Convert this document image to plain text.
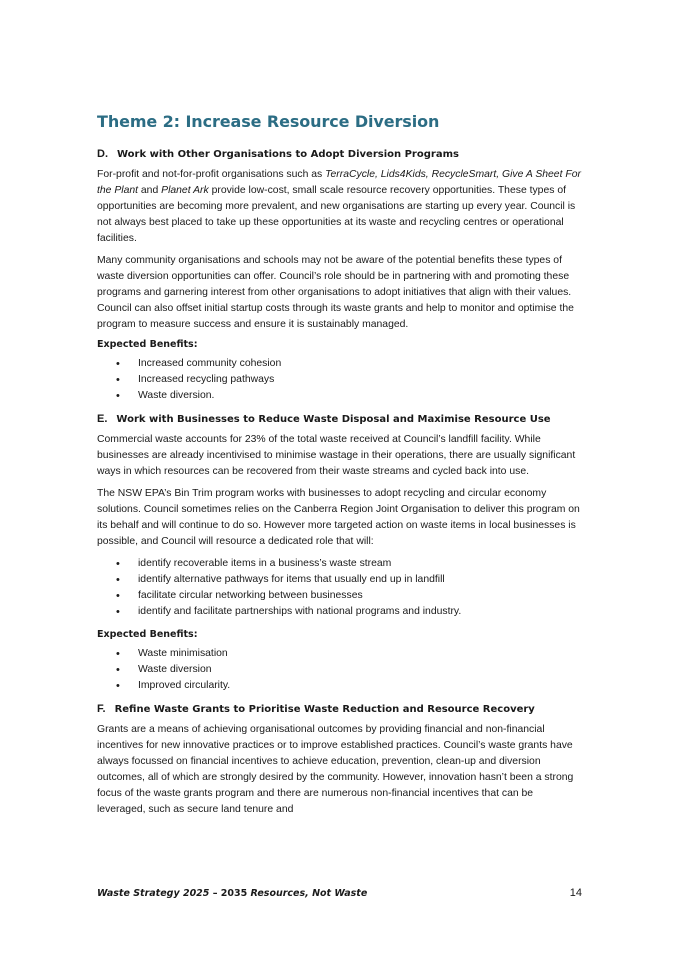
Theme 2: Increase Resource Diversion
D. Work with Other Organisations to Adopt Diversion Programs

For-profit and not-for-profit organisations such as TerraCycle, Lids4Kids, RecycleSmart, Give A Sheet For the Plant and Planet Ark provide low-cost, small scale resource recovery opportunities. These types of opportunities are becoming more prevalent, and new organisations are starting up every year. Council is not always best placed to take up these opportunities at its waste and recycling centres or operational facilities.

Many community organisations and schools may not be aware of the potential benefits these types of waste diversion opportunities can offer. Council’s role should be in partnering with and promoting these programs and garnering interest from other organisations to adopt initiatives that align with their values. Council can also offset initial startup costs through its waste grants and help to monitor and optimise the program to measure success and ensure it is sustainably managed.

Expected Benefits:
• Increased community cohesion
• Increased recycling pathways
• Waste diversion.
E. Work with Businesses to Reduce Waste Disposal and Maximise Resource Use

Commercial waste accounts for 23% of the total waste received at Council’s landfill facility. While businesses are already incentivised to minimise wastage in their operations, there are usually significant ways in which resources can be recovered from their waste streams and cycled back into use.

The NSW EPA’s Bin Trim program works with businesses to adopt recycling and circular economy solutions. Council sometimes relies on the Canberra Region Joint Organisation to deliver this program on its behalf and will continue to do so. However more targeted action on waste items in local businesses is possible, and Council will resource a dedicated role that will:

• identify recoverable items in a business’s waste stream
• identify alternative pathways for items that usually end up in landfill
• facilitate circular networking between businesses
• identify and facilitate partnerships with national programs and industry.
Expected Benefits:
• Waste minimisation
• Waste diversion
• Improved circularity.
F. Refine Waste Grants to Prioritise Waste Reduction and Resource Recovery

Grants are a means of achieving organisational outcomes by providing financial and non-financial incentives for new innovative practices or to improve established practices. Council’s waste grants have always focussed on financial incentives to achieve education, prevention, clean-up and diversion outcomes, all of which are strongly desired by the community. However, innovation hasn’t been a strong focus of the waste grants program and there are numerous non-financial incentives that can be leveraged, such as secure land tenure and

Waste Strategy 2025 – 2035 Resources, Not Waste	14
